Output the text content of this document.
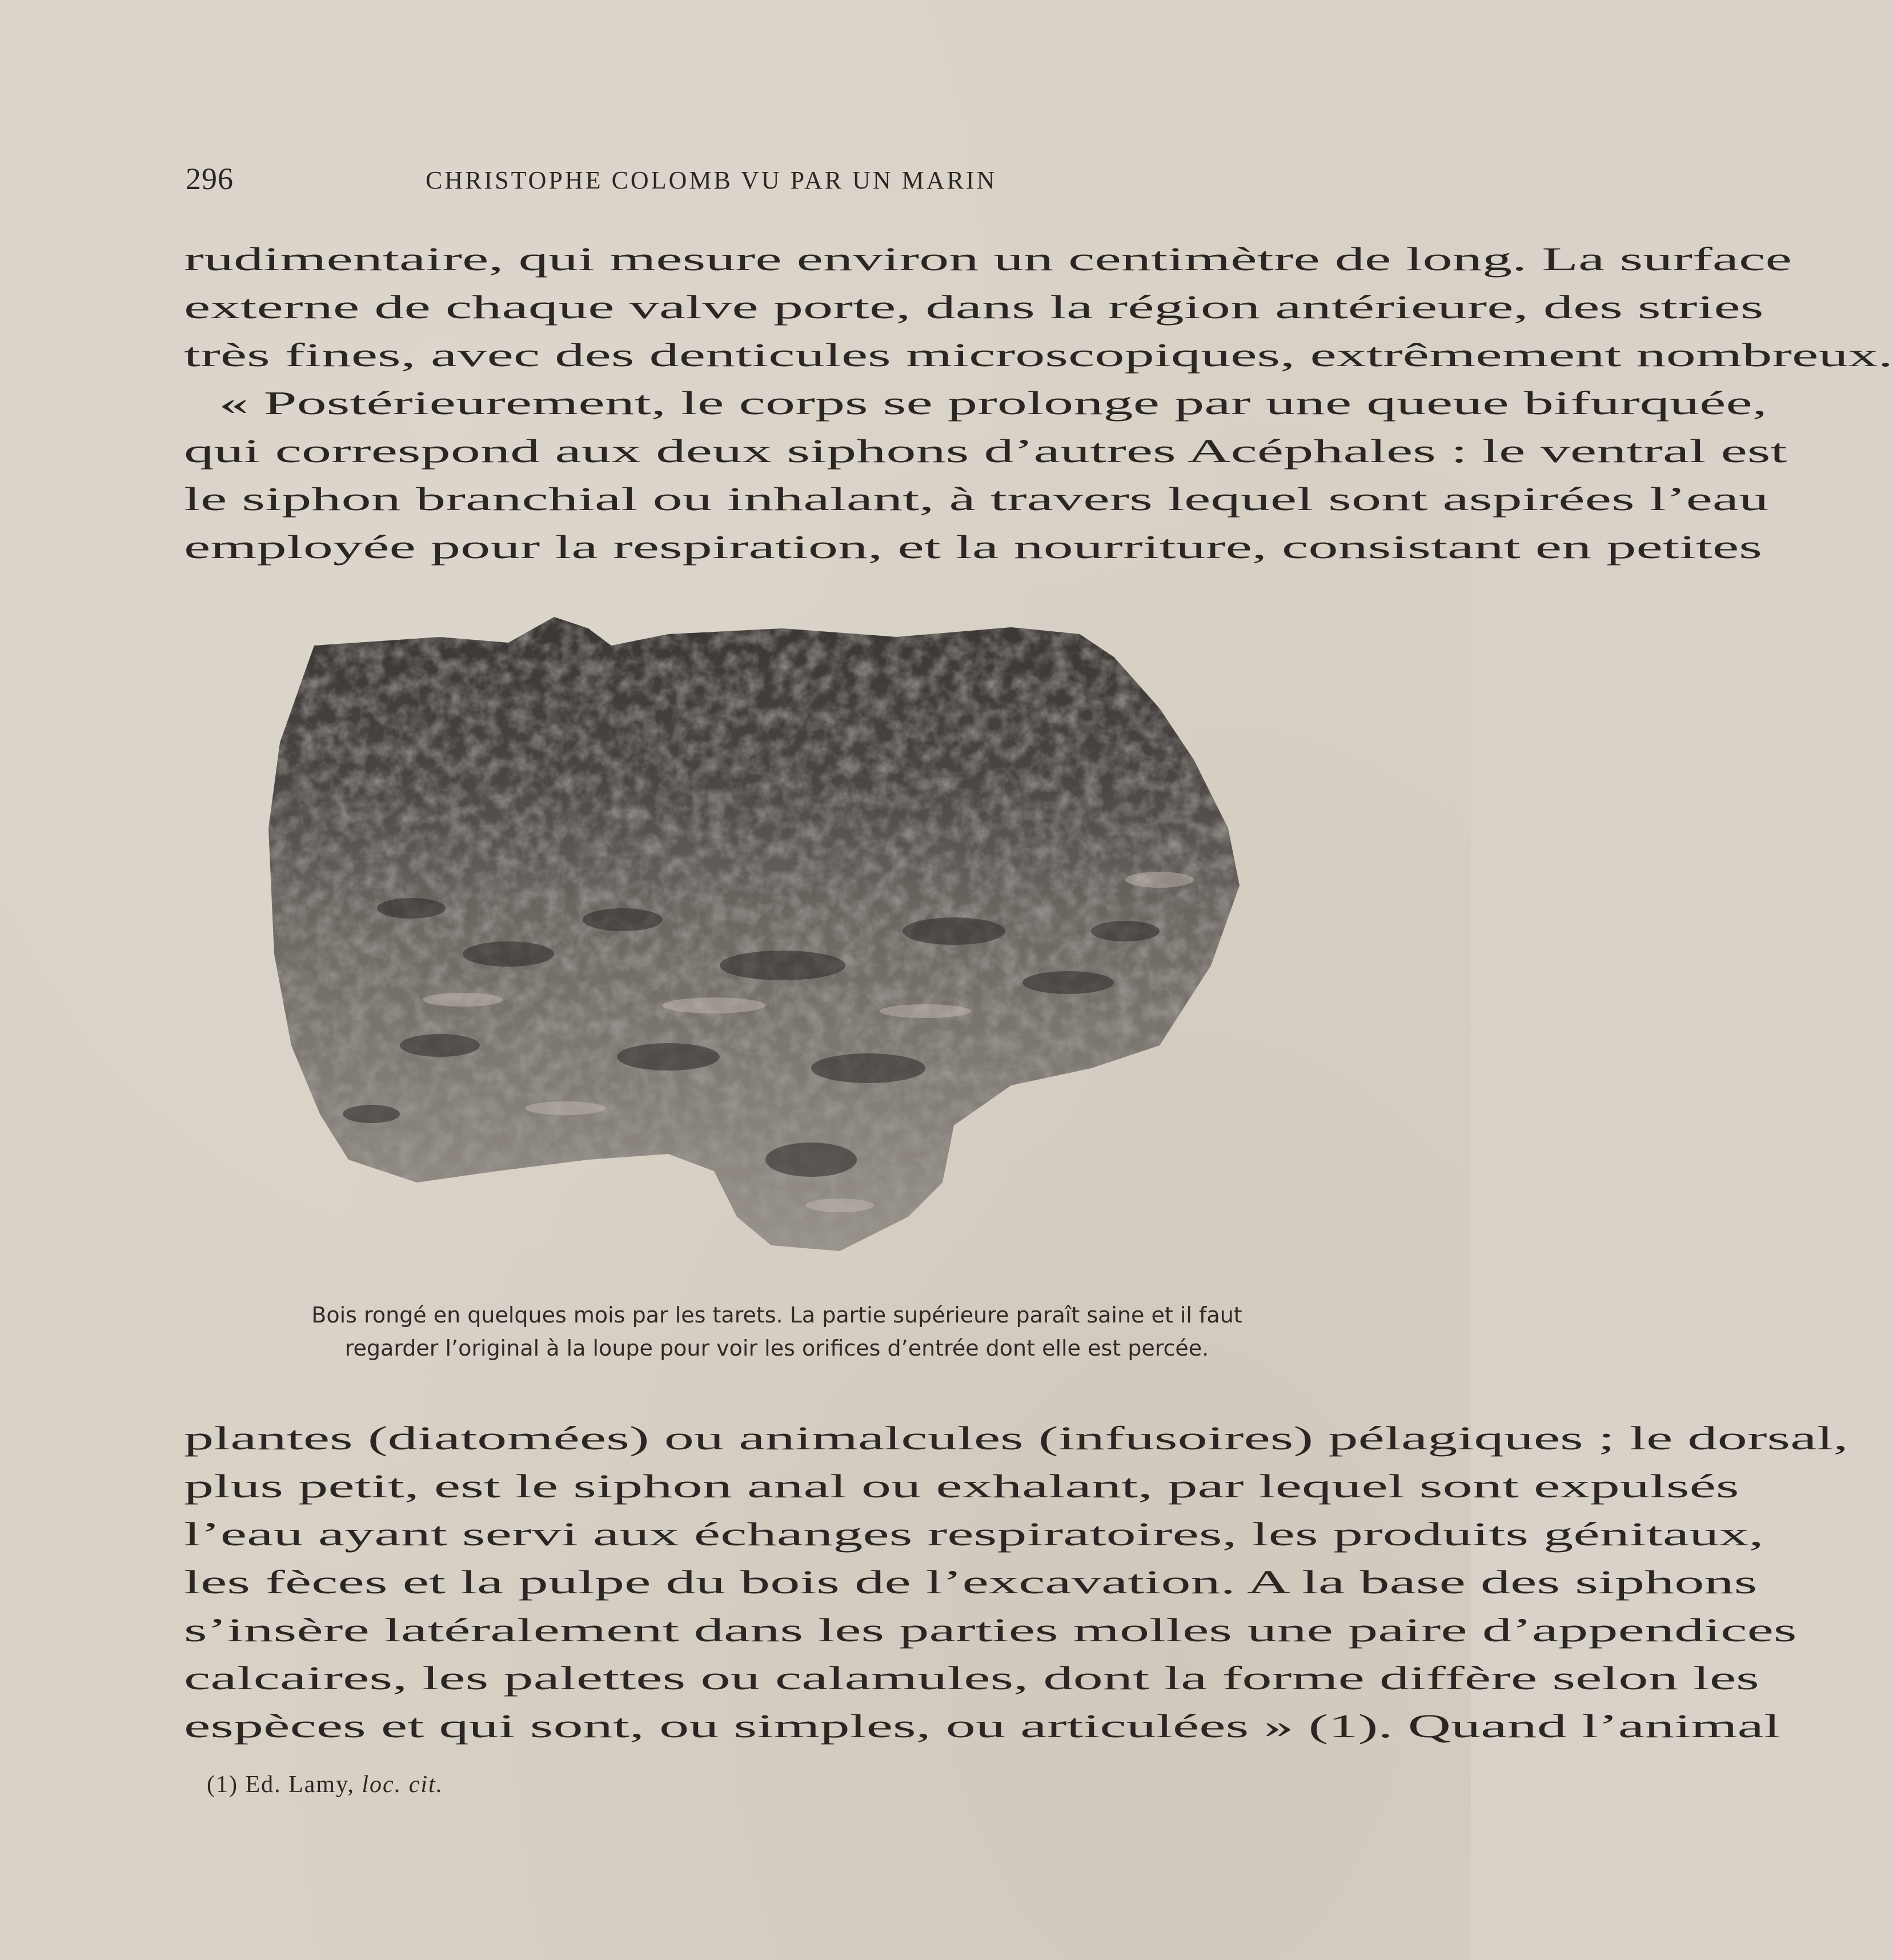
296	CHRISTOPHE COLOMB VU PAR UN MARIN
rudimentaire, qui mesure environ un centimètre de long. La surface
externe de chaque valve porte, dans la région antérieure, des stries
très fines, avec des denticules microscopiques, extrêmement nombreux.
« Postérieurement, le corps se prolonge par une queue bifurquée,
qui correspond aux deux siphons d’autres Acéphales : le ventral est
le siphon branchial ou inhalant, à travers lequel sont aspirées l’eau
employée pour la respiration, et la nourriture, consistant en petites
Bois rongé en quelques mois par les tarets. La partie supérieure paraît saine et il faut
regarder l’original à la loupe pour voir les orifices d’entrée dont elle est percée.
plantes (diatomées) ou animalcules (infusoires) pélagiques ; le dorsal,
plus petit, est le siphon anal ou exhalant, par lequel sont expulsés
l’eau ayant servi aux échanges respiratoires, les produits génitaux,
les fèces et la pulpe du bois de l’excavation. A la base des siphons
s’insère latéralement dans les parties molles une paire d’appendices
calcaires, les palettes ou calamules, dont la forme diffère selon les
espèces et qui sont, ou simples, ou articulées » (1). Quand l’animal
(1) Ed. Lamy, loc. cit.
